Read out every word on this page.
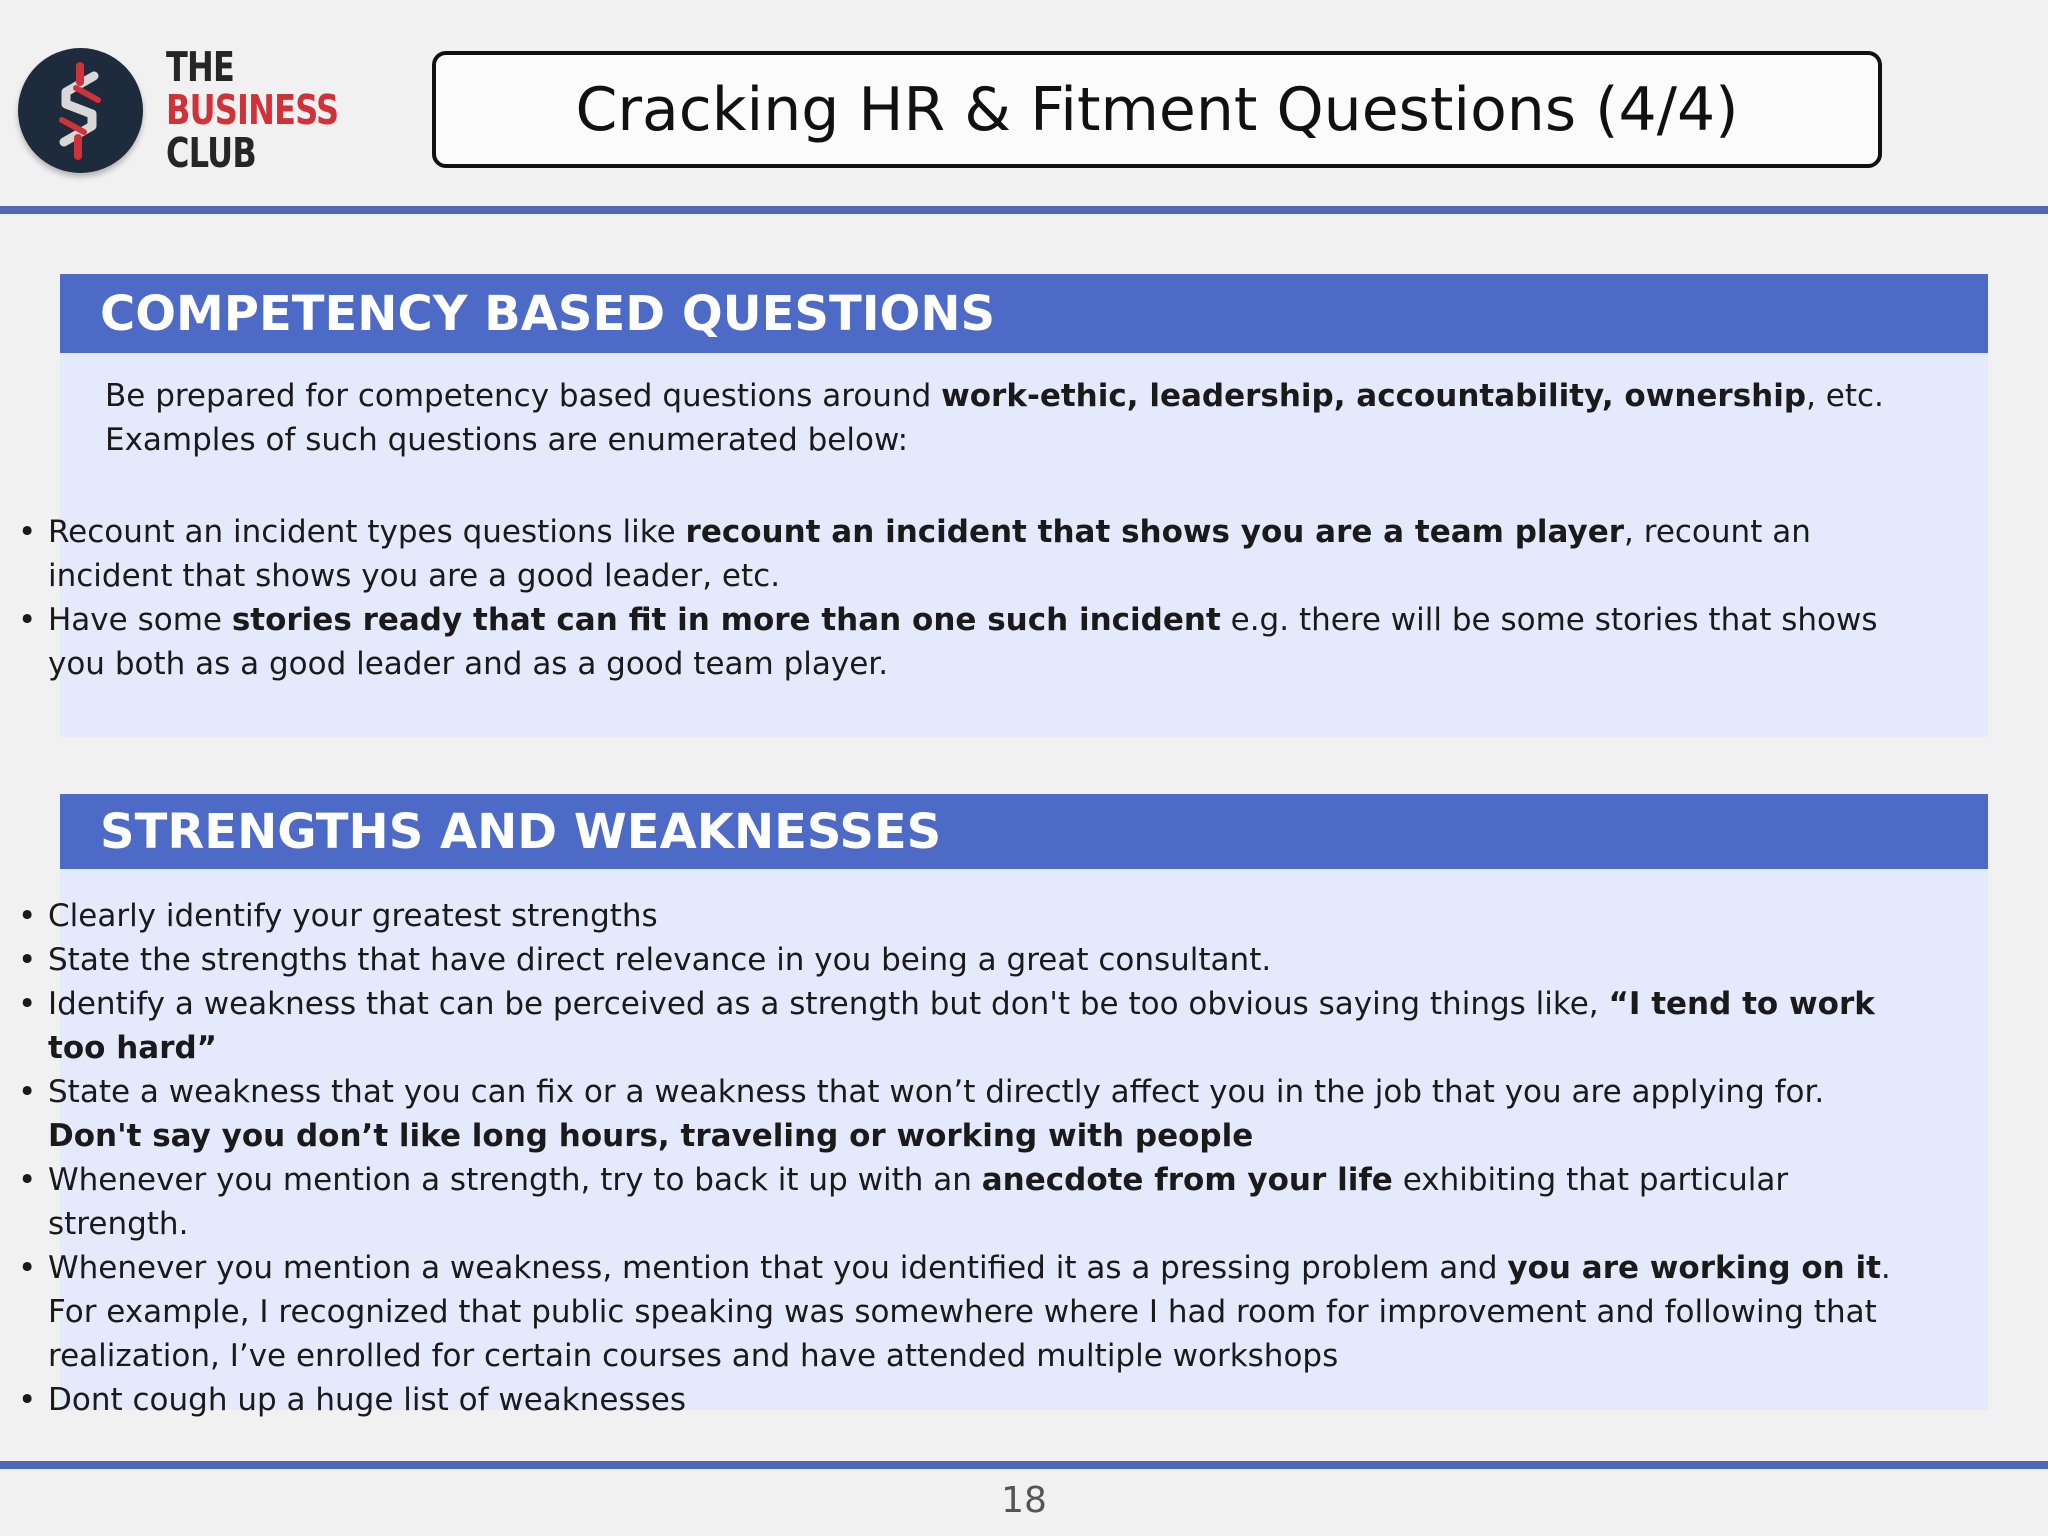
THE
BUSINESS
CLUB
Cracking HR & Fitment Questions (4/4)
COMPETENCY BASED QUESTIONS

Be prepared for competency based questions around work-ethic, leadership, accountability, ownership, etc. Examples of such questions are enumerated below:

• Recount an incident types questions like recount an incident that shows you are a team player, recount an incident that shows you are a good leader, etc.
• Have some stories ready that can fit in more than one such incident e.g. there will be some stories that shows you both as a good leader and as a good team player.
STRENGTHS AND WEAKNESSES
• Clearly identify your greatest strengths
• State the strengths that have direct relevance in you being a great consultant.
• Identify a weakness that can be perceived as a strength but don't be too obvious saying things like, “I tend to work too hard”
• State a weakness that you can fix or a weakness that won’t directly affect you in the job that you are applying for. Don't say you don’t like long hours, traveling or working with people
• Whenever you mention a strength, try to back it up with an anecdote from your life exhibiting that particular strength.
• Whenever you mention a weakness, mention that you identified it as a pressing problem and you are working on it. For example, I recognized that public speaking was somewhere where I had room for improvement and following that realization, I’ve enrolled for certain courses and have attended multiple workshops
• Dont cough up a huge list of weaknesses
18
